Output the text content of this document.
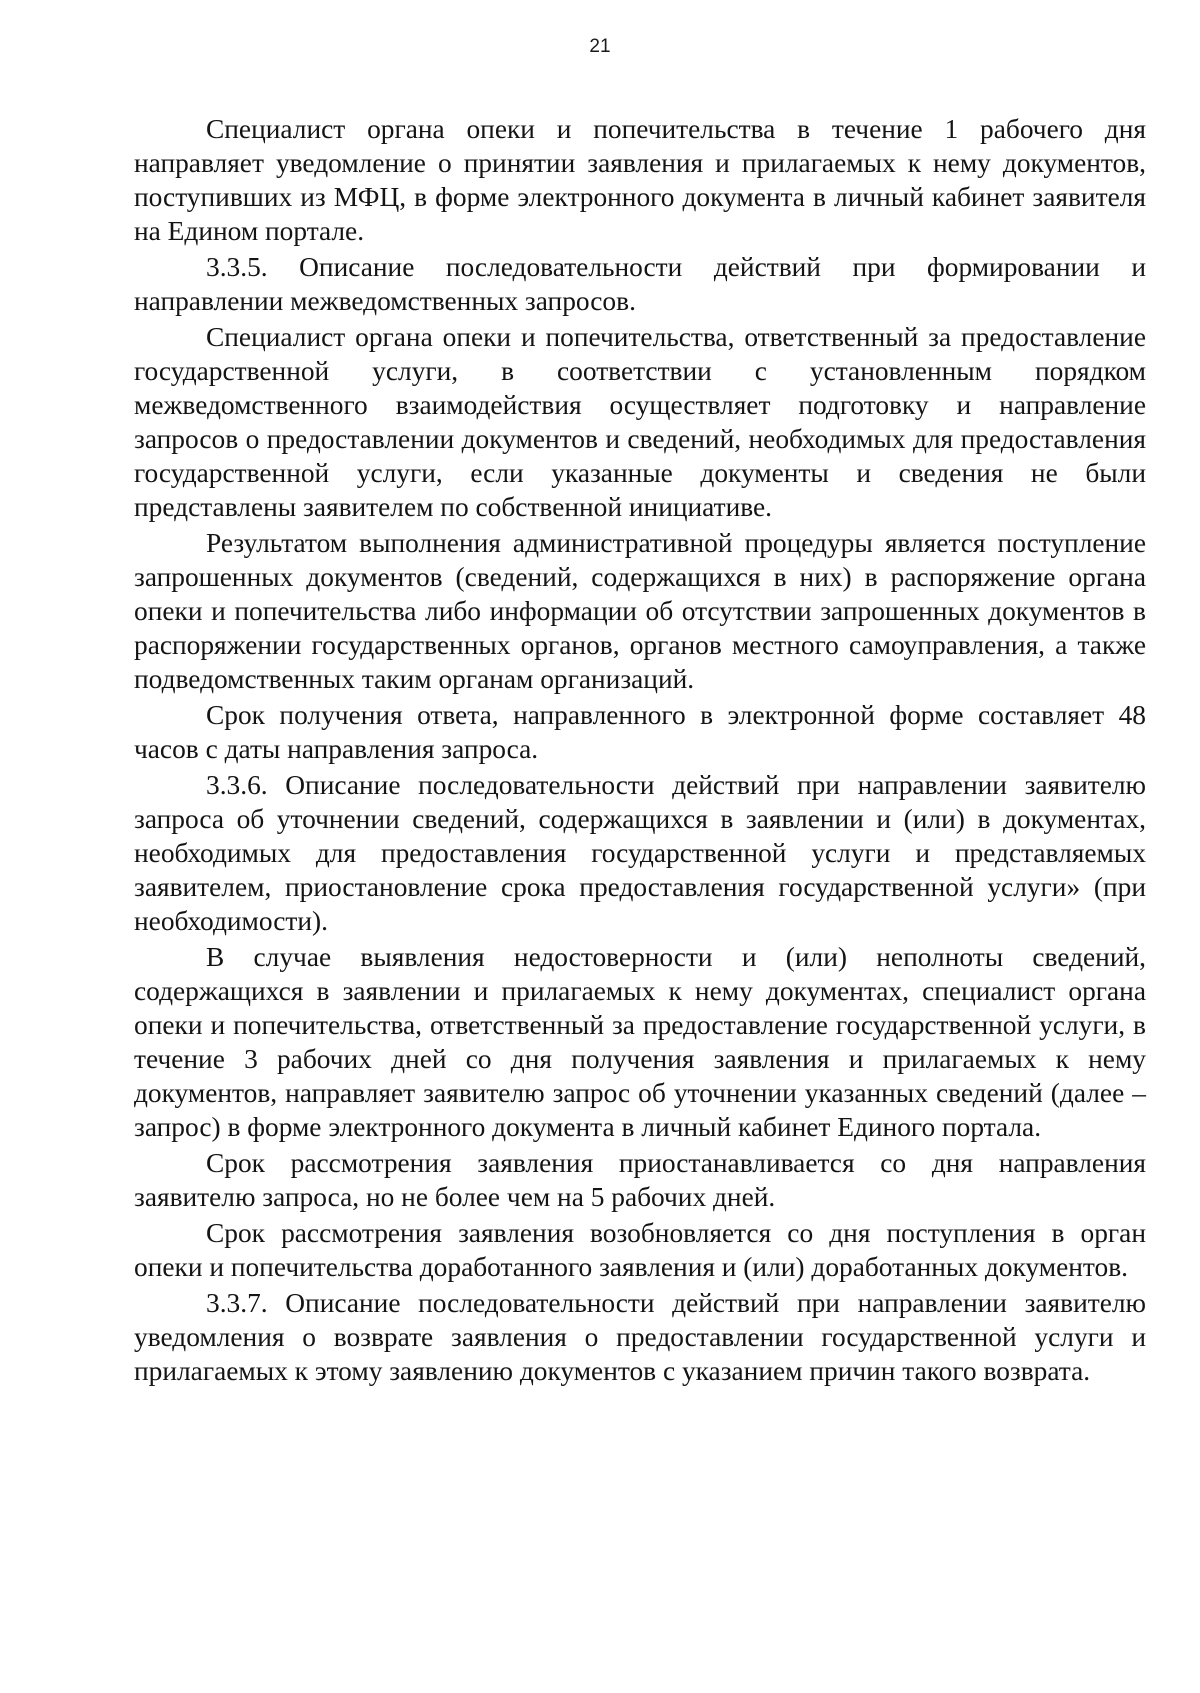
21

Специалист органа опеки и попечительства в течение 1 рабочего дня направляет уведомление о принятии заявления и прилагаемых к нему документов, поступивших из МФЦ, в форме электронного документа в личный кабинет заявителя на Едином портале.

3.3.5. Описание последовательности действий при формировании и направлении межведомственных запросов.

Специалист органа опеки и попечительства, ответственный за предоставление государственной услуги, в соответствии с установленным порядком межведомственного взаимодействия осуществляет подготовку и направление запросов о предоставлении документов и сведений, необходимых для предоставления государственной услуги, если указанные документы и сведения не были представлены заявителем по собственной инициативе.

Результатом выполнения административной процедуры является поступление запрошенных документов (сведений, содержащихся в них) в распоряжение органа опеки и попечительства либо информации об отсутствии запрошенных документов в распоряжении государственных органов, органов местного самоуправления, а также подведомственных таким органам организаций.

Срок получения ответа, направленного в электронной форме составляет 48 часов с даты направления запроса.

3.3.6. Описание последовательности действий при направлении заявителю запроса об уточнении сведений, содержащихся в заявлении и (или) в документах, необходимых для предоставления государственной услуги и представляемых заявителем, приостановление срока предоставления государственной услуги» (при необходимости).

В случае выявления недостоверности и (или) неполноты сведений, содержащихся в заявлении и прилагаемых к нему документах, специалист органа опеки и попечительства, ответственный за предоставление государственной услуги, в течение 3 рабочих дней со дня получения заявления и прилагаемых к нему документов, направляет заявителю запрос об уточнении указанных сведений (далее – запрос) в форме электронного документа в личный кабинет Единого портала.

Срок рассмотрения заявления приостанавливается со дня направления заявителю запроса, но не более чем на 5 рабочих дней.

Срок рассмотрения заявления возобновляется со дня поступления в орган опеки и попечительства доработанного заявления и (или) доработанных документов.

3.3.7. Описание последовательности действий при направлении заявителю уведомления о возврате заявления о предоставлении государственной услуги и прилагаемых к этому заявлению документов с указанием причин такого возврата.
